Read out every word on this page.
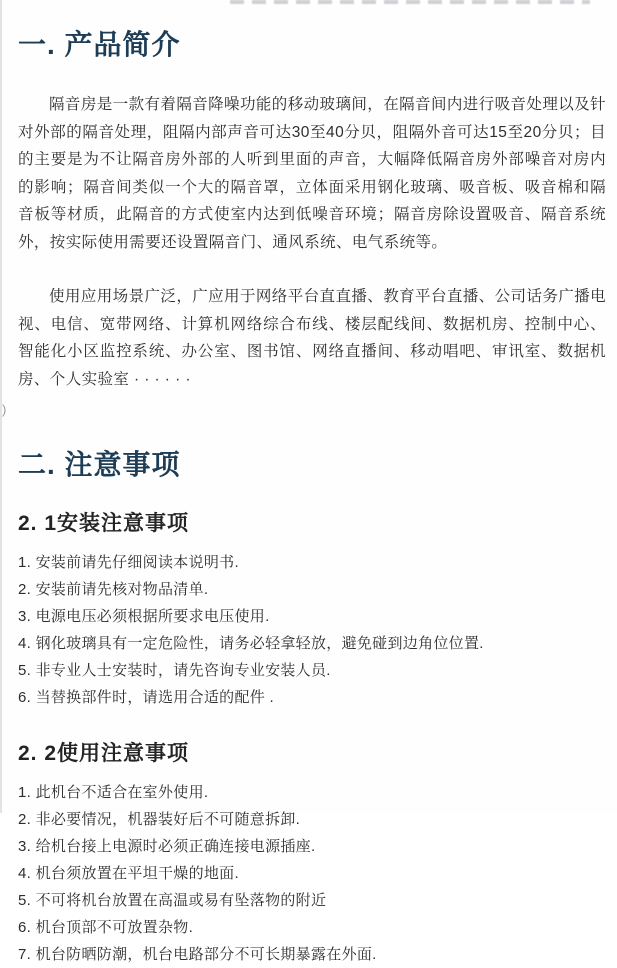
)
一. 产品简介

隔音房是一款有着隔音降噪功能的移动玻璃间，在隔音间内进行吸音处理以及针对外部的隔音处理，阻隔内部声音可达30至40分贝，阻隔外音可达15至20分贝；目的主要是为不让隔音房外部的人听到里面的声音，大幅降低隔音房外部噪音对房内的影响；隔音间类似一个大的隔音罩，立体面采用钢化玻璃、吸音板、吸音棉和隔音板等材质，此隔音的方式使室内达到低噪音环境；隔音房除设置吸音、隔音系统外，按实际使用需要还设置隔音门、通风系统、电气系统等。

使用应用场景广泛，广应用于网络平台直直播、教育平台直播、公司话务广播电视、电信、宽带网络、计算机网络综合布线、楼层配线间、数据机房、控制中心、智能化小区监控系统、办公室、图书馆、网络直播间、移动唱吧、审讯室、数据机房、个人实验室 · · · · · ·

二. 注意事项
2. 1安装注意事项
1. 安装前请先仔细阅读本说明书.
2. 安装前请先核对物品清单.
3. 电源电压必须根据所要求电压使用.
4. 钢化玻璃具有一定危险性，请务必轻拿轻放，避免碰到边角位位置.
5. 非专业人士安装时，请先咨询专业安装人员.
6. 当替换部件时，请选用合适的配件 .
2. 2使用注意事项
1. 此机台不适合在室外使用.
2. 非必要情况，机器装好后不可随意拆卸.
3. 给机台接上电源时必须正确连接电源插座.
4. 机台须放置在平坦干燥的地面.
5. 不可将机台放置在高温或易有坠落物的附近
6. 机台顶部不可放置杂物.
7. 机台防晒防潮，机台电路部分不可长期暴露在外面.
